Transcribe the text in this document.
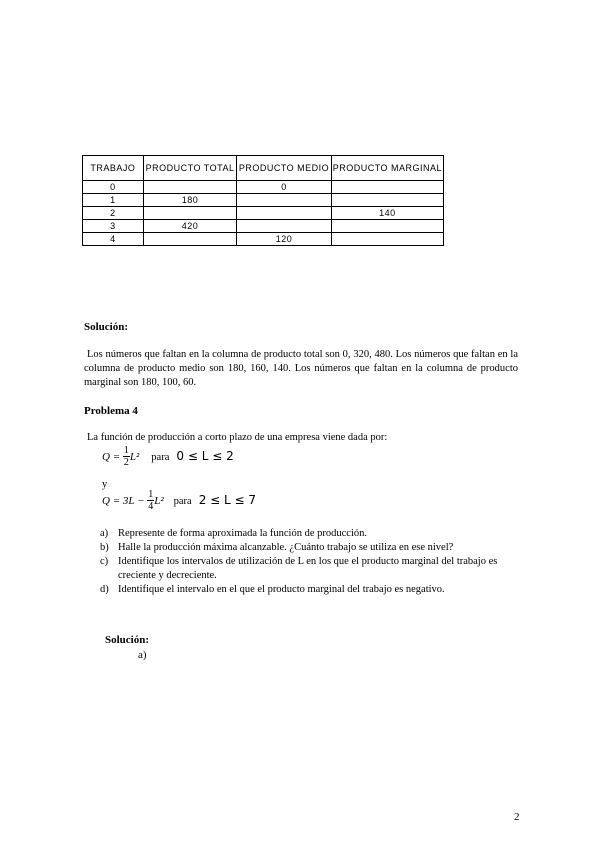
TRABAJO	PRODUCTO TOTAL	PRODUCTO MEDIO	PRODUCTO MARGINAL
0		0	
1	180		
2			140
3	420		
4		120	
Solución:
Los números que faltan en la columna de producto total son 0, 320, 480. Los números que faltan en la columna de producto medio son 180, 160, 140. Los números que faltan en la columna de producto marginal son 180, 100, 60.
Problema 4
La función de producción a corto plazo de una empresa viene dada por:
$Q = \frac{1}{2} L^2$ para 0 ≤ L ≤ 2
y
$Q = 3L - \frac{1}{4} L^2$ para 2 ≤ L ≤ 7
a) Represente de forma aproximada la función de producción.
b) Halle la producción máxima alcanzable. ¿Cuánto trabajo se utiliza en ese nivel?
c) Identifique los intervalos de utilización de L en los que el producto marginal del trabajo es creciente y decreciente.
d) Identifique el intervalo en el que el producto marginal del trabajo es negativo.
Solución:
a)
2
